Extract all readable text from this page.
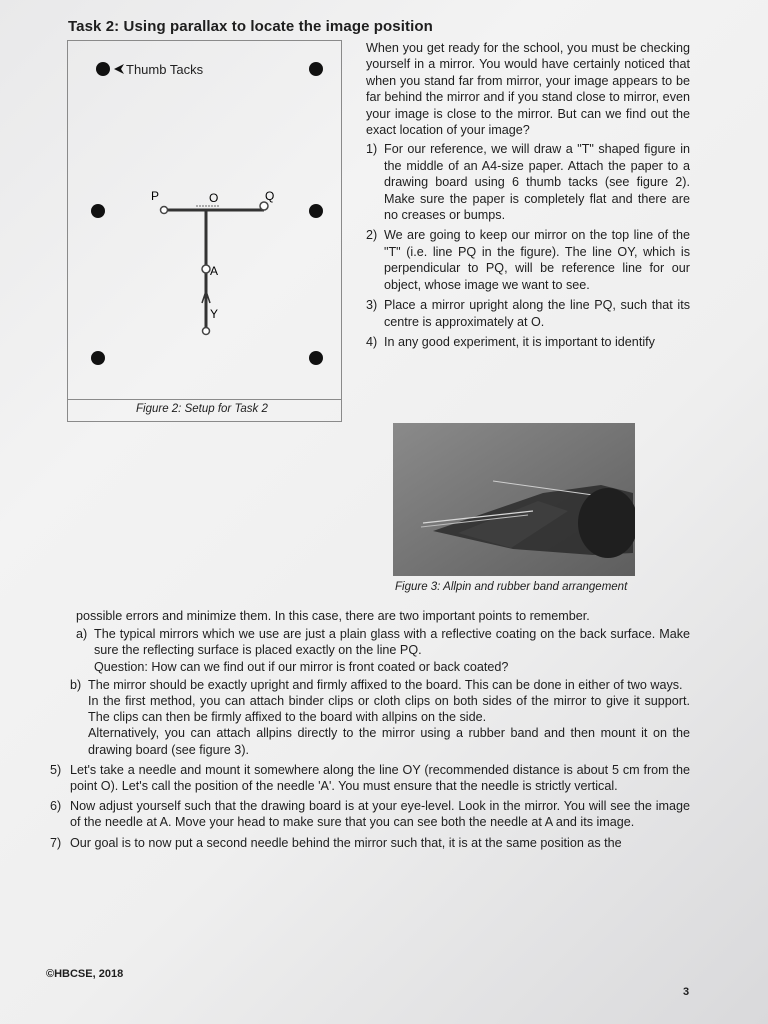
Task 2: Using parallax to locate the image position
Thumb Tacks
P	O	Q
A
Y
Figure 2: Setup for Task 2

When you get ready for the school, you must be checking yourself in a mirror. You would have certainly noticed that when you stand far from mirror, your image appears to be far behind the mirror and if you stand close to mirror, even your image is close to the mirror. But can we find out the exact location of your image?

1) For our reference, we will draw a "T" shaped figure in the middle of an A4-size paper. Attach the paper to a drawing board using 6 thumb tacks (see figure 2). Make sure the paper is completely flat and there are no creases or bumps.
2) We are going to keep our mirror on the top line of the "T" (i.e. line PQ in the figure). The line OY, which is perpendicular to PQ, will be reference line for our object, whose image we want to see.
3) Place a mirror upright along the line PQ, such that its centre is approximately at O.
4) In any good experiment, it is important to identify
Figure 3: Allpin and rubber band arrangement

possible errors and minimize them. In this case, there are two important points to remember.

a) The typical mirrors which we use are just a plain glass with a reflective coating on the back surface. Make sure the reflecting surface is placed exactly on the line PQ.
Question: How can we find out if our mirror is front coated or back coated?
b) The mirror should be exactly upright and firmly affixed to the board. This can be done in either of two ways.
In the first method, you can attach binder clips or cloth clips on both sides of the mirror to give it support. The clips can then be firmly affixed to the board with allpins on the side.
Alternatively, you can attach allpins directly to the mirror using a rubber band and then mount it on the drawing board (see figure 3).
5) Let's take a needle and mount it somewhere along the line OY (recommended distance is about 5 cm from the point O). Let's call the position of the needle 'A'. You must ensure that the needle is strictly vertical.
6) Now adjust yourself such that the drawing board is at your eye-level. Look in the mirror. You will see the image of the needle at A. Move your head to make sure that you can see both the needle at A and its image.
7) Our goal is to now put a second needle behind the mirror such that, it is at the same position as the
©HBCSE, 2018
3
